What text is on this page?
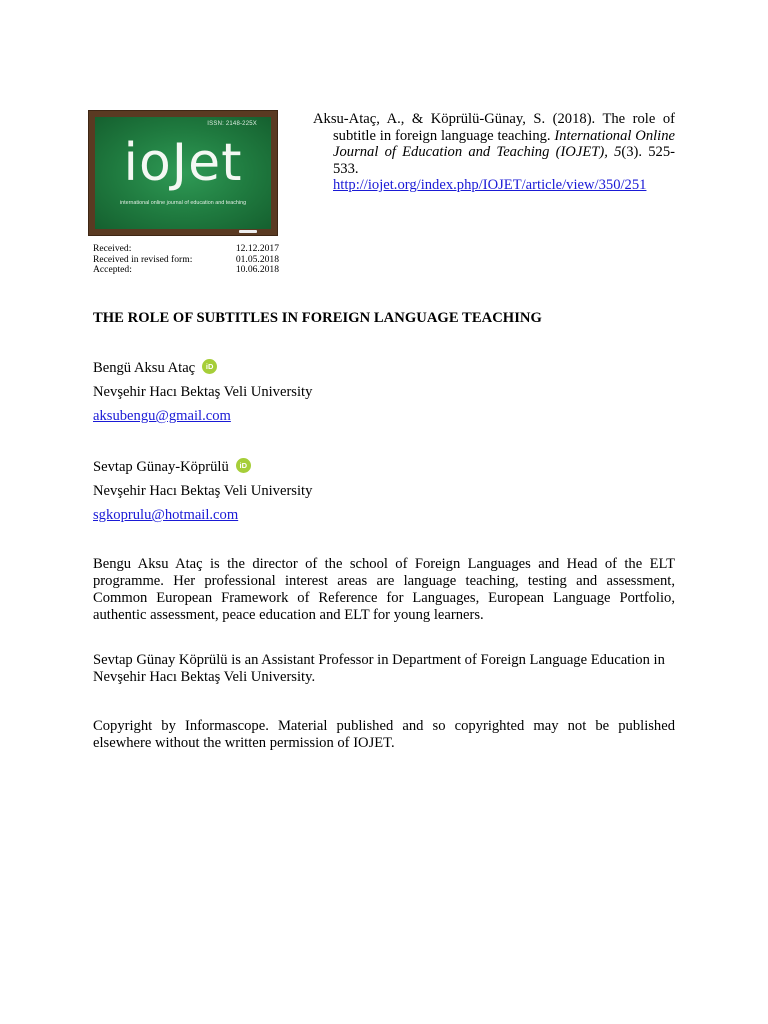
ISSN: 2148-225X
ioJet
international online journal of education and teaching
Aksu-Ataç, A., & Köprülü-Günay, S. (2018). The role of subtitle in foreign language teaching. International Online Journal of Education and Teaching (IOJET), 5(3). 525-533.
http://iojet.org/index.php/IOJET/article/view/350/251
Received:	12.12.2017
Received in revised form:	01.05.2018
Accepted:	10.06.2018
THE ROLE OF SUBTITLES IN FOREIGN LANGUAGE TEACHING
Bengü Aksu Ataç	iD
Nevşehir Hacı Bektaş Veli University
aksubengu@gmail.com
Sevtap Günay-Köprülü	iD
Nevşehir Hacı Bektaş Veli University
sgkoprulu@hotmail.com
Bengu Aksu Ataç is the director of the school of Foreign Languages and Head of the ELT programme. Her professional interest areas are language teaching, testing and assessment, Common European Framework of Reference for Languages, European Language Portfolio, authentic assessment, peace education and ELT for young learners.
Sevtap Günay Köprülü is an Assistant Professor in Department of Foreign Language Education in Nevşehir Hacı Bektaş Veli University.
Copyright by Informascope. Material published and so copyrighted may not be published elsewhere without the written permission of IOJET.
